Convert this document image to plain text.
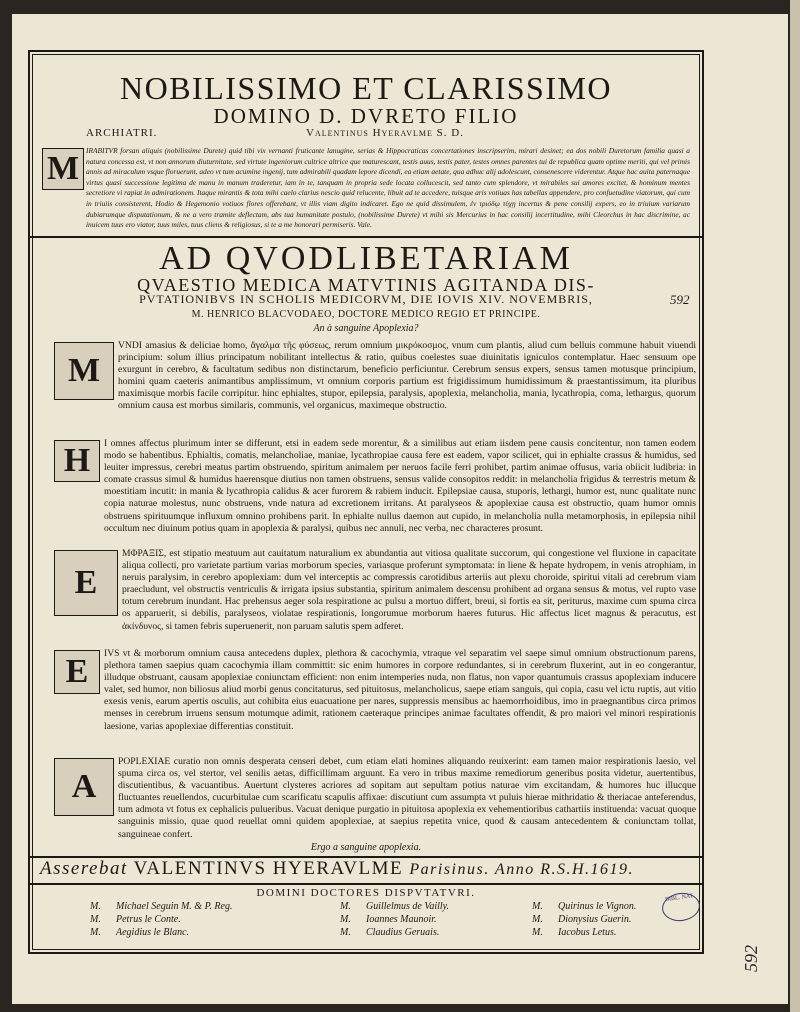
NOBILISSIMO ET CLARISSIMO
DOMINO D. DVRETO FILIO
ARCHIATRI.	Valentinus Hyeravlme S. D.
M IRABITVR forsan aliquis (nobilissime Durete) quid tibi vix vernanti fruticante lanugine, serias & Hippocraticas concertationes inscripserim, mirari desinet; ea dos nobili Duretorum familia quasi a natura concessa est, vt non annorum diuturnitate, sed virtute ingeniorum cultrice altrice que maturescant, testis auus, testis pater, testes omnes parentes tui de republica quam optime meriti, qui vel primis annis ad miraculum vsque floruerunt, adeo vt tum acumine ingenij, tum admirabili quadam lepore dicendi, ea etiam aetate, qua adhuc alij adolescunt, consenescere viderentur. Atque hac auita paternaque virtus quasi successione legitima de manu in manum traderetur, iam in te, tanquam in propria sede locata collucescit, sed tanto cum splendore, vt mirabiles sui amores excitet, & hominum mentes secretiore vi rapiat in admirationem. Itaque mirantis & tota mihi caelo clarius nescio quid relucente, libuit ad te accedere, tuisque aris votiuas has tabellas appendere, pro confuetudine viatorum, qui cum in triuiis consisterent, Hodio & Hegemonio votiuos flores offerebant, vt illis viam digito indicaret. Ego ne quid dissimulem, ἐν τριόδῳ τύχῃ incertus & pene consilij expers, eo in triuium variarum dubiarumque disputationum, & ne a vero tramite deflectam, abs tua humanitate postulo, (nobilissime Durete) vt mihi sis Mercurius in hac consilij incertitudine, mihi Cleorchus in hac discrimine, ac inuicem tuus ero viator, tuus miles, tuus cliens & religiosus, si te a me honorari permiseris. Vale.

AD QVODLIBETARIAM
QVAESTIO MEDICA MATVTINIS AGITANDA DIS-
PVTATIONIBVS IN SCHOLIS MEDICORVM, DIE IOVIS XIV. NOVEMBRIS,	592
M. HENRICO BLACVODAEO, DOCTORE MEDICO REGIO ET PRINCIPE.
An à sanguine Apoplexia?
M

VNDI amasius & deliciae homo, ἄγαλμα τῆς φύσεως, rerum omnium μικρόκοσμος, vnum cum plantis, aliud cum belluis commune habuit viuendi principium: solum illius principatum nobilitant intellectus & ratio, quibus coelestes suae diuinitatis igniculos contemplatur. Haec sensuum ope exurgunt in cerebro, & facultatum sedibus non distinctarum, beneficio perficiuntur. Cerebrum sensus expers, sensus tamen motusque principium, homini quam caeteris animantibus amplissimum, vt omnium corporis partium est frigidissimum humidissimum & praestantissimum, ita pluribus maximisque morbis facile corripitur. hinc ephialtes, stupor, epilepsia, paralysis, apoplexia, melancholia, mania, lycathropia, coma, lethargus, quorum omnium causa est morbus similaris, communis, vel organicus, maximeque obstructio.

H I omnes affectus plurimum inter se differunt, etsi in eadem sede morentur, & a similibus aut etiam iisdem pene causis concitentur, non tamen eodem modo se habentibus. Ephialtis, comatis, melancholiae, maniae, lycathropiae causa fere est eadem, vapor scilicet, qui in ephialte crassus & humidus, sed leuiter impressus, cerebri meatus partim obstruendo, spiritum animalem per neruos facile ferri prohibet, partim animae offusus, varia obiicit ludibria: in comate crassus simul & humidus haerensque diutius non tamen obstruens, sensus valide consopitos reddit: in melancholia frigidus & terrestris metum & moestitiam incutit: in mania & lycathropia calidus & acer furorem & rabiem inducit. Epilepsiae causa, stuporis, lethargi, humor est, nunc qualitate nunc copia naturae molestus, nunc obstruens, vnde natura ad excretionem irritans. At paralyseos & apoplexiae causa est obstructio, quam humor omnis obstruens spirituumque influxum omnino prohibens parit. In ephialte nullus daemon aut cupido, in melancholia nulla metamorphosis, in epilepsia nihil occultum nec diuinum potius quam in apoplexia & paralysi, quibus nec annuli, nec verba, nec characteres prosunt.

E

MΦΡΑΞΙΣ, est stipatio meatuum aut cauitatum naturalium ex abundantia aut vitiosa qualitate succorum, qui congestione vel fluxione in capacitate aliqua collecti, pro varietate partium varias morborum species, variasque proferunt symptomata: in liene & hepate hydropem, in venis atrophiam, in neruis paralysim, in cerebro apoplexiam: dum vel interceptis ac compressis carotidibus arteriis aut plexu choroide, spiritui vitali ad cerebrum viam praecludunt, vel obstructis ventriculis & irrigata ipsius substantia, spiritum animalem descensu prohibent ad organa sensus & motus, vel rupto vase totum cerebrum inundant. Hac prehensus aeger sola respiratione ac pulsu a mortuo differt, breui, si fortis ea sit, periturus, maxime cum spuma circa os apparuerit, si debilis, paralyseos, violatae respirationis, longorumue morborum haeres futurus. Hic affectus licet magnus & peracutus, est ἀκίνδυνος, si tamen febris superuenerit, non paruam salutis spem adferet.

E IVS vt & morborum omnium causa antecedens duplex, plethora & cacochymia, vtraque vel separatim vel saepe simul omnium obstructionum parens, plethora tamen saepius quam cacochymia illam committit: sic enim humores in corpore redundantes, si in cerebrum fluxerint, aut in eo congerantur, illudque obstruant, causam apoplexiae coniunctam efficient: non enim intemperies nuda, non flatus, non vapor quantumuis crassus apoplexiam inducere valet, sed humor, non biliosus aliud morbi genus concitaturus, sed pituitosus, melancholicus, saepe etiam sanguis, qui copia, casu vel ictu ruptis, aut vitio exesis venis, earum apertis osculis, aut cohibita eius euacuatione per nares, suppressis mensibus ac haemorrhoidibus, imo in praegnantibus circa primos menses in cerebrum irruens sensum motumque adimit, rationem caeteraque principes animae facultates offendit, & pro maiori vel minori respirationis laesione, varias apoplexiae differentias constituit.

A

POPLEXIAE curatio non omnis desperata censeri debet, cum etiam elati homines aliquando reuixerint: eam tamen maior respirationis laesio, vel spuma circa os, vel stertor, vel senilis aetas, difficillimam arguunt. Ea vero in tribus maxime remediorum generibus posita videtur, auertentibus, discutientibus, & vacuantibus. Auertunt clysteres acriores ad sopitam aut sepultam potius naturae vim excitandam, & humores huc illucque fluctuantes reuellendos, cucurbitulae cum scarificatu scapulis affixae: discutiunt cum assumpta vt puluis hierae mithridatio & theriacae anteferendus, tum admota vt fotus ex cephalicis pulueribus. Vacuat denique purgatio in pituitosa apoplexia ex vehementioribus cathartiis instituenda: vacuat quoque sanguinis missio, quae quod reuellat omni quidem apoplexiae, at saepius repetita vnice, quod & causam antecedentem & coniunctam tollat, sanguineae confert.

Ergo a sanguine apoplexia.
Asserebat VALENTINVS HYERAVLME Parisinus. Anno R.S.H.1619.
DOMINI DOCTORES DISPVTATVRI.
M. Michael Seguin M. & P. Reg.
M. Petrus le Conte.
M. Aegidius le Blanc.
M. Guillelmus de Vailly.
M. Ioannes Maunoir.
M. Claudius Geruais.
M. Quirinus le Vignon.
M. Dionysius Guerin.
M. Iacobus Letus.
BIBL. NAT.
592
